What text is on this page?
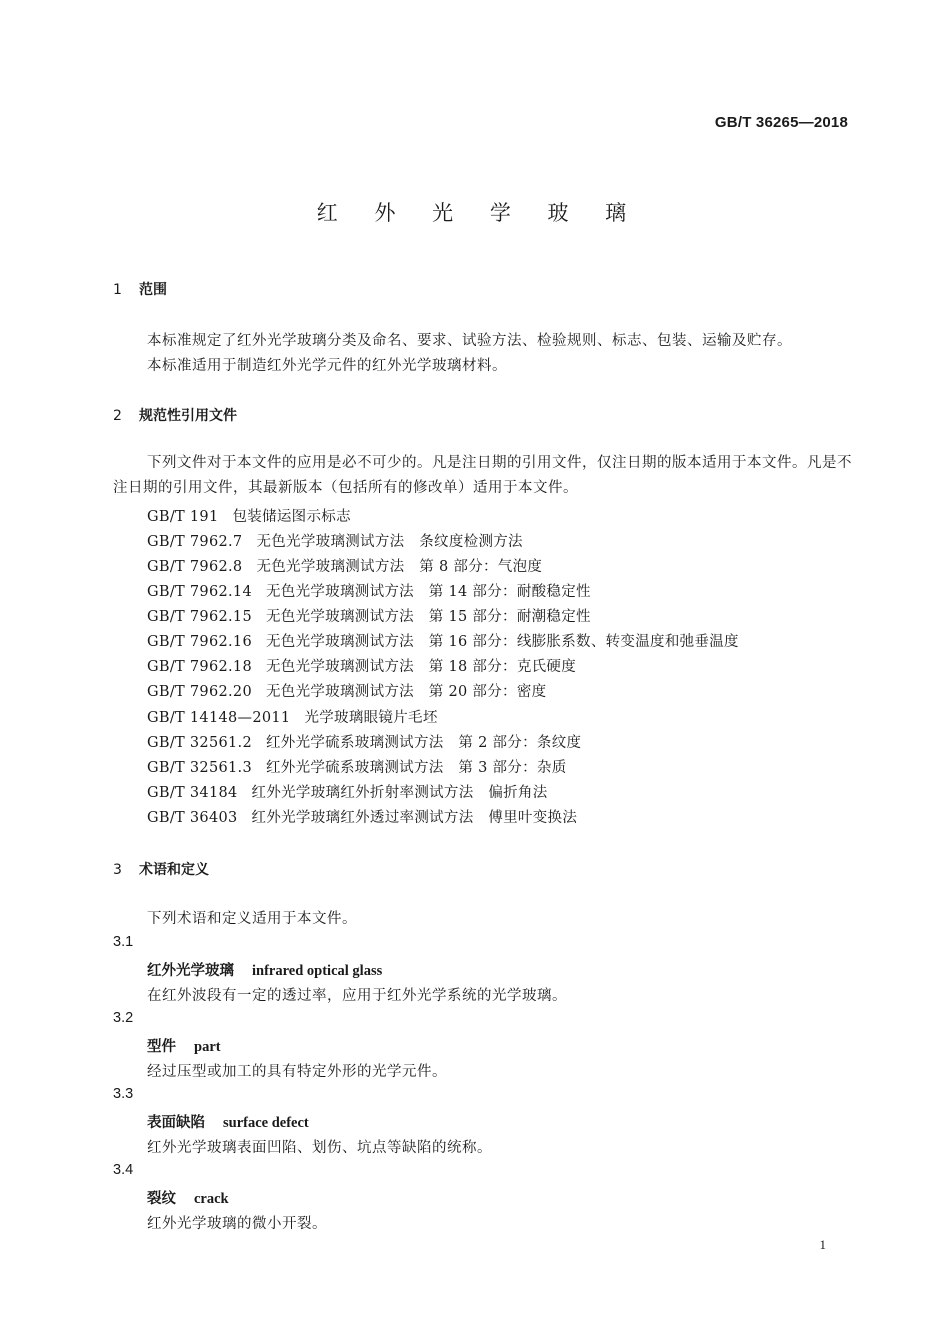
GB/T 36265—2018
红 外 光 学 玻 璃
1 范围
本标准规定了红外光学玻璃分类及命名、要求、试验方法、检验规则、标志、包装、运输及贮存。
本标准适用于制造红外光学元件的红外光学玻璃材料。
2 规范性引用文件
下列文件对于本文件的应用是必不可少的。凡是注日期的引用文件，仅注日期的版本适用于本文件。凡是不注日期的引用文件，其最新版本（包括所有的修改单）适用于本文件。
GB/T 191 包装储运图示标志
GB/T 7962.7 无色光学玻璃测试方法　条纹度检测方法
GB/T 7962.8 无色光学玻璃测试方法　第 8 部分：气泡度
GB/T 7962.14 无色光学玻璃测试方法　第 14 部分：耐酸稳定性
GB/T 7962.15 无色光学玻璃测试方法　第 15 部分：耐潮稳定性
GB/T 7962.16 无色光学玻璃测试方法　第 16 部分：线膨胀系数、转变温度和弛垂温度
GB/T 7962.18 无色光学玻璃测试方法　第 18 部分：克氏硬度
GB/T 7962.20 无色光学玻璃测试方法　第 20 部分：密度
GB/T 14148—2011 光学玻璃眼镜片毛坯
GB/T 32561.2 红外光学硫系玻璃测试方法　第 2 部分：条纹度
GB/T 32561.3 红外光学硫系玻璃测试方法　第 3 部分：杂质
GB/T 34184 红外光学玻璃红外折射率测试方法　偏折角法
GB/T 36403 红外光学玻璃红外透过率测试方法　傅里叶变换法
3 术语和定义
下列术语和定义适用于本文件。
3.1
红外光学玻璃 infrared optical glass
在红外波段有一定的透过率，应用于红外光学系统的光学玻璃。
3.2
型件 part
经过压型或加工的具有特定外形的光学元件。
3.3
表面缺陷 surface defect
红外光学玻璃表面凹陷、划伤、坑点等缺陷的统称。
3.4
裂纹 crack
红外光学玻璃的微小开裂。
1
